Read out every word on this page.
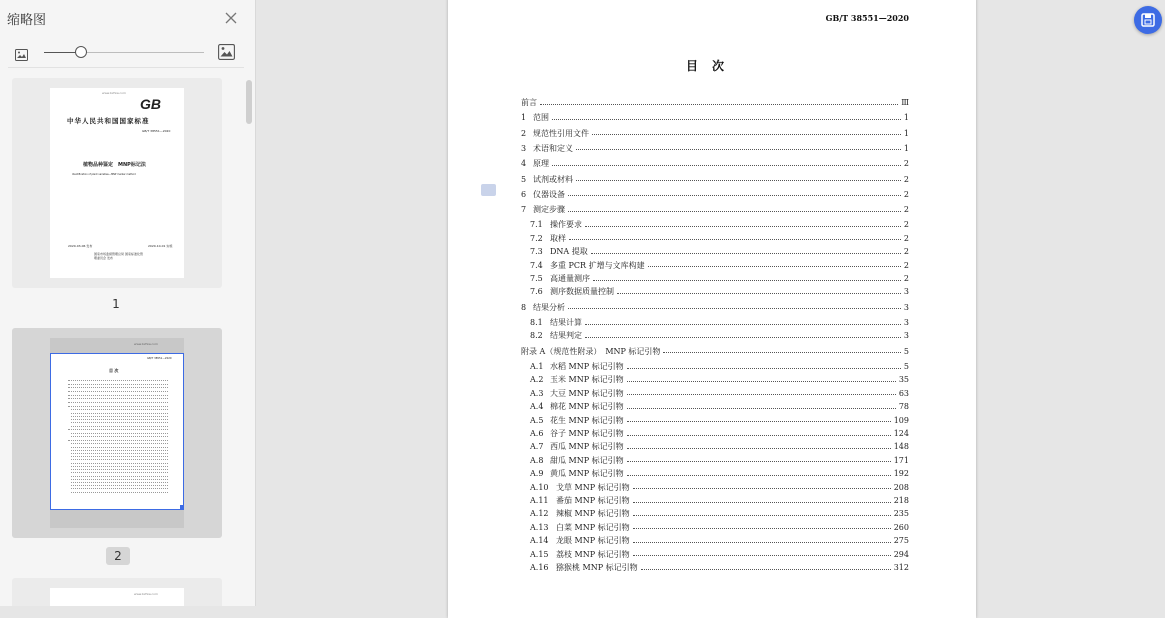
缩略图
www.bzfxw.com
GB
中华人民共和国国家标准
GB/T 38551—2020
植物品种鉴定　MNP标记法
Identification of plant varieties—MNP marker method
2020-03-06 发布	2020-10-01 实施
国家市场监督管理总局 国家标准化管理委员会 发布
1
www.bzfxw.com
GB/T 38551—2020
目 次
2
www.bzfxw.com
GB/T 38551—2020
目次
前言	Ⅲ
1 范围	1
2 规范性引用文件	1
3 术语和定义	1
4 原理	2
5 试剂或材料	2
6 仪器设备	2
7 测定步骤	2
7.1 操作要求	2
7.2 取样	2
7.3 DNA 提取	2
7.4 多重 PCR 扩增与文库构建	2
7.5 高通量测序	2
7.6 测序数据质量控制	3
8 结果分析	3
8.1 结果计算	3
8.2 结果判定	3
附录 A（规范性附录）　MNP 标记引物	5
A.1 水稻 MNP 标记引物	5
A.2 玉米 MNP 标记引物	35
A.3 大豆 MNP 标记引物	63
A.4 棉花 MNP 标记引物	78
A.5 花生 MNP 标记引物	109
A.6 谷子 MNP 标记引物	124
A.7 西瓜 MNP 标记引物	148
A.8 甜瓜 MNP 标记引物	171
A.9 黄瓜 MNP 标记引物	192
A.10 戈草 MNP 标记引物	208
A.11 番茄 MNP 标记引物	218
A.12 辣椒 MNP 标记引物	235
A.13 白菜 MNP 标记引物	260
A.14 龙眼 MNP 标记引物	275
A.15 荔枝 MNP 标记引物	294
A.16 猕猴桃 MNP 标记引物	312
